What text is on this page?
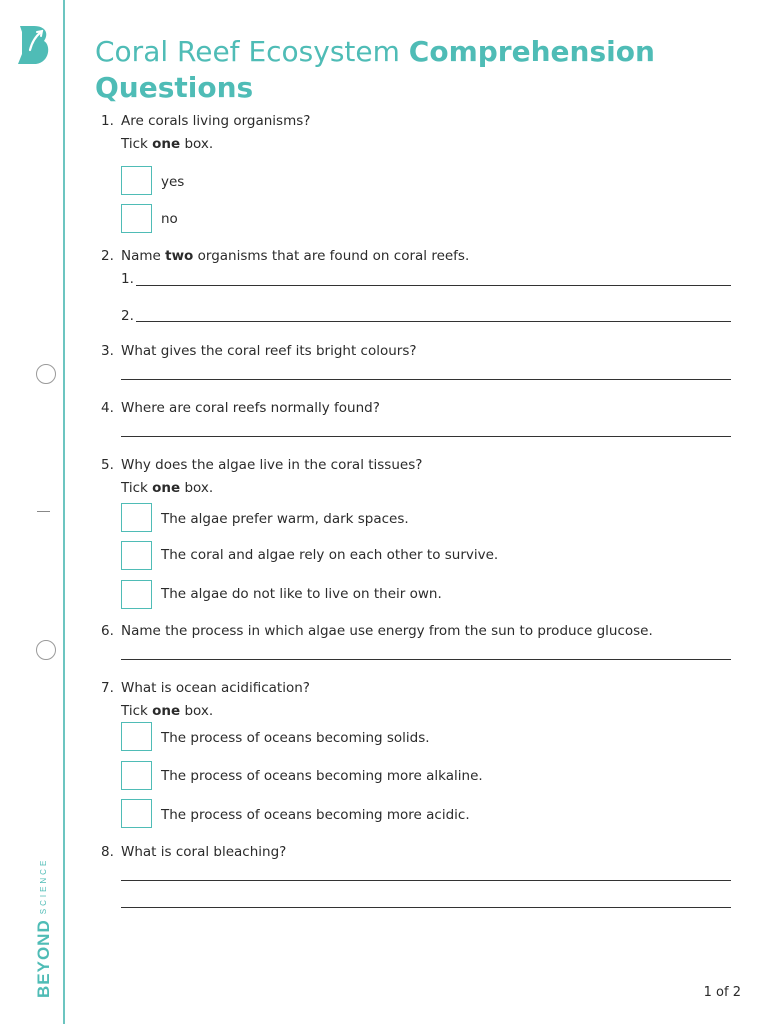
BEYONDSCIENCE
Coral Reef Ecosystem Comprehension Questions
1. Are corals living organisms?
Tick one box.
yes
no
2. Name two organisms that are found on coral reefs.
1.
2.
3. What gives the coral reef its bright colours?
4. Where are coral reefs normally found?
5. Why does the algae live in the coral tissues?
Tick one box.
The algae prefer warm, dark spaces.
The coral and algae rely on each other to survive.
The algae do not like to live on their own.
6. Name the process in which algae use energy from the sun to produce glucose.
7. What is ocean acidification?
Tick one box.
The process of oceans becoming solids.
The process of oceans becoming more alkaline.
The process of oceans becoming more acidic.
8. What is coral bleaching?
1 of 2
